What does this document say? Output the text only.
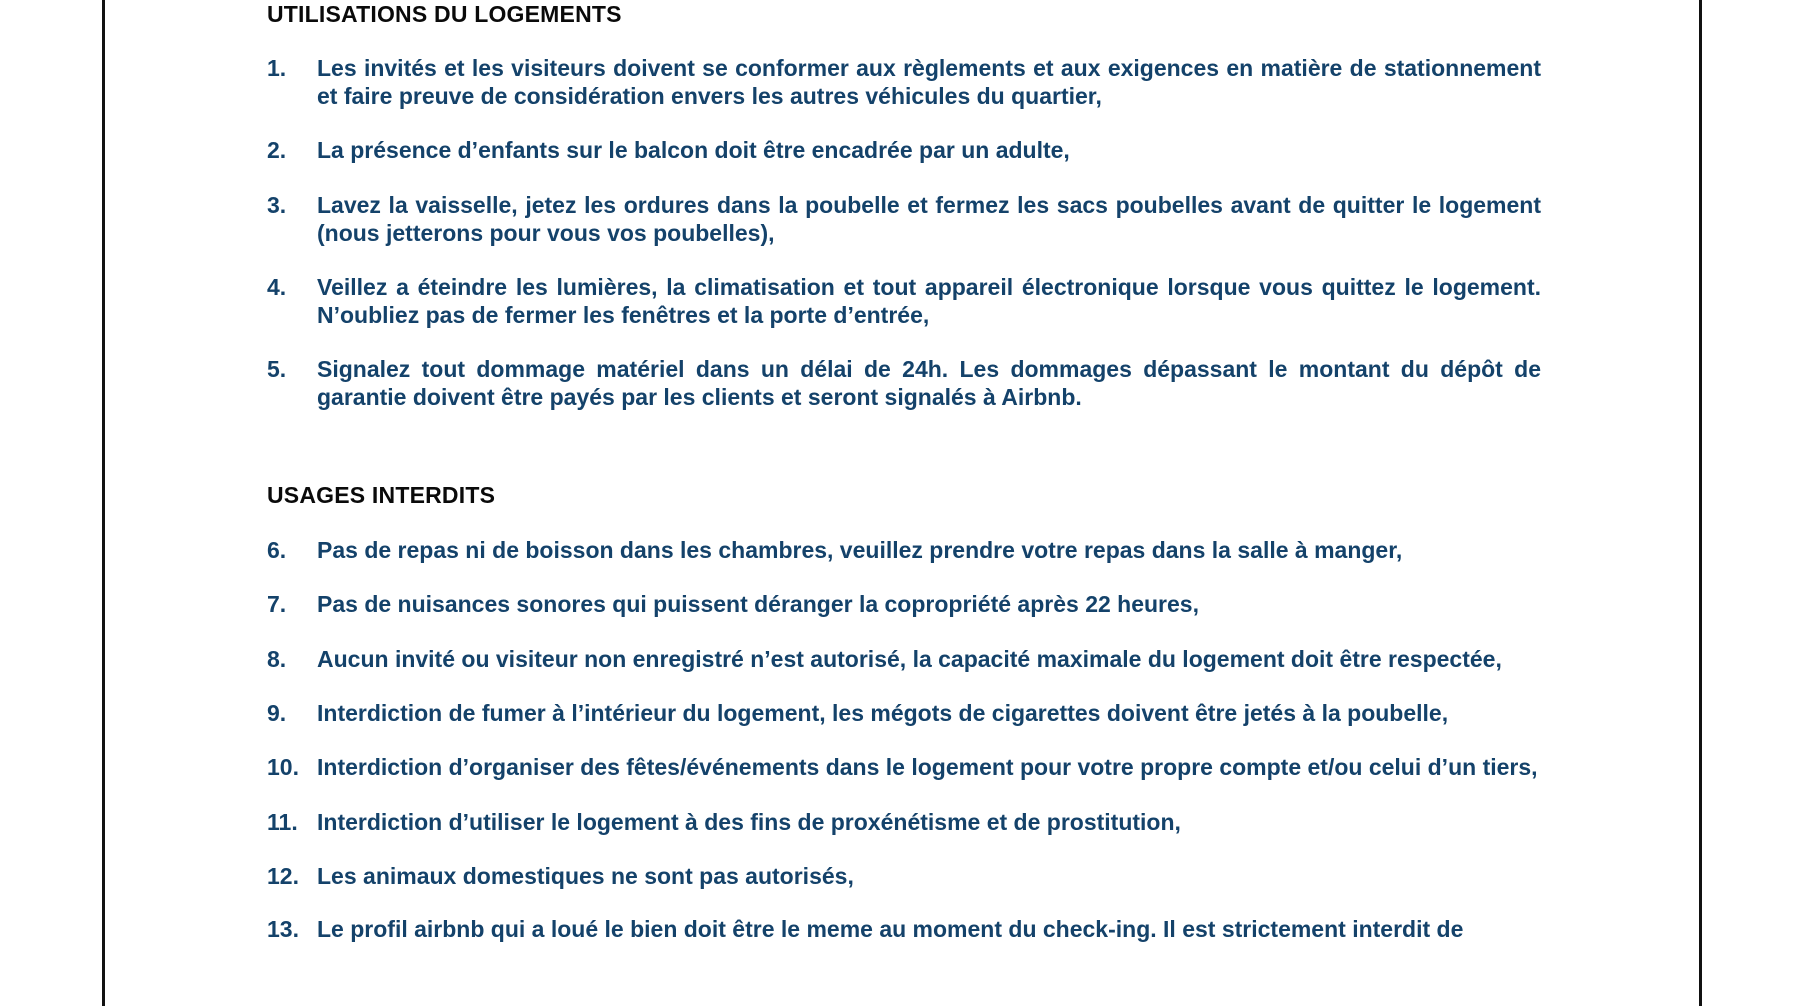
UTILISATIONS DU LOGEMENTS
1.	Les invités et les visiteurs doivent se conformer aux règlements et aux exigences en matière de stationnement et faire preuve de considération envers les autres véhicules du quartier,
2.	La présence d’enfants sur le balcon doit être encadrée par un adulte,
3.	Lavez la vaisselle, jetez les ordures dans la poubelle et fermez les sacs poubelles avant de quitter le logement (nous jetterons pour vous vos poubelles),
4.	Veillez a éteindre les lumières, la climatisation et tout appareil électronique lorsque vous quittez le logement. N’oubliez pas de fermer les fenêtres et la porte d’entrée,
5.	Signalez tout dommage matériel dans un délai de 24h. Les dommages dépassant le montant du dépôt de garantie doivent être payés par les clients et seront signalés à Airbnb.
USAGES INTERDITS
6.	Pas de repas ni de boisson dans les chambres, veuillez prendre votre repas dans la salle à manger,
7.	Pas de nuisances sonores qui puissent déranger la copropriété après 22 heures,
8.	Aucun invité ou visiteur non enregistré n’est autorisé, la capacité maximale du logement doit être respectée,
9.	Interdiction de fumer à l’intérieur du logement, les mégots de cigarettes doivent être jetés à la poubelle,
10. Interdiction d’organiser des fêtes/événements dans le logement pour votre propre compte et/ou celui d’un tiers,
11. Interdiction d’utiliser le logement à des fins de proxénétisme et de prostitution,
12. Les animaux domestiques ne sont pas autorisés,
13. Le profil airbnb qui a loué le bien doit être le meme au moment du check-ing. Il est strictement interdit de
